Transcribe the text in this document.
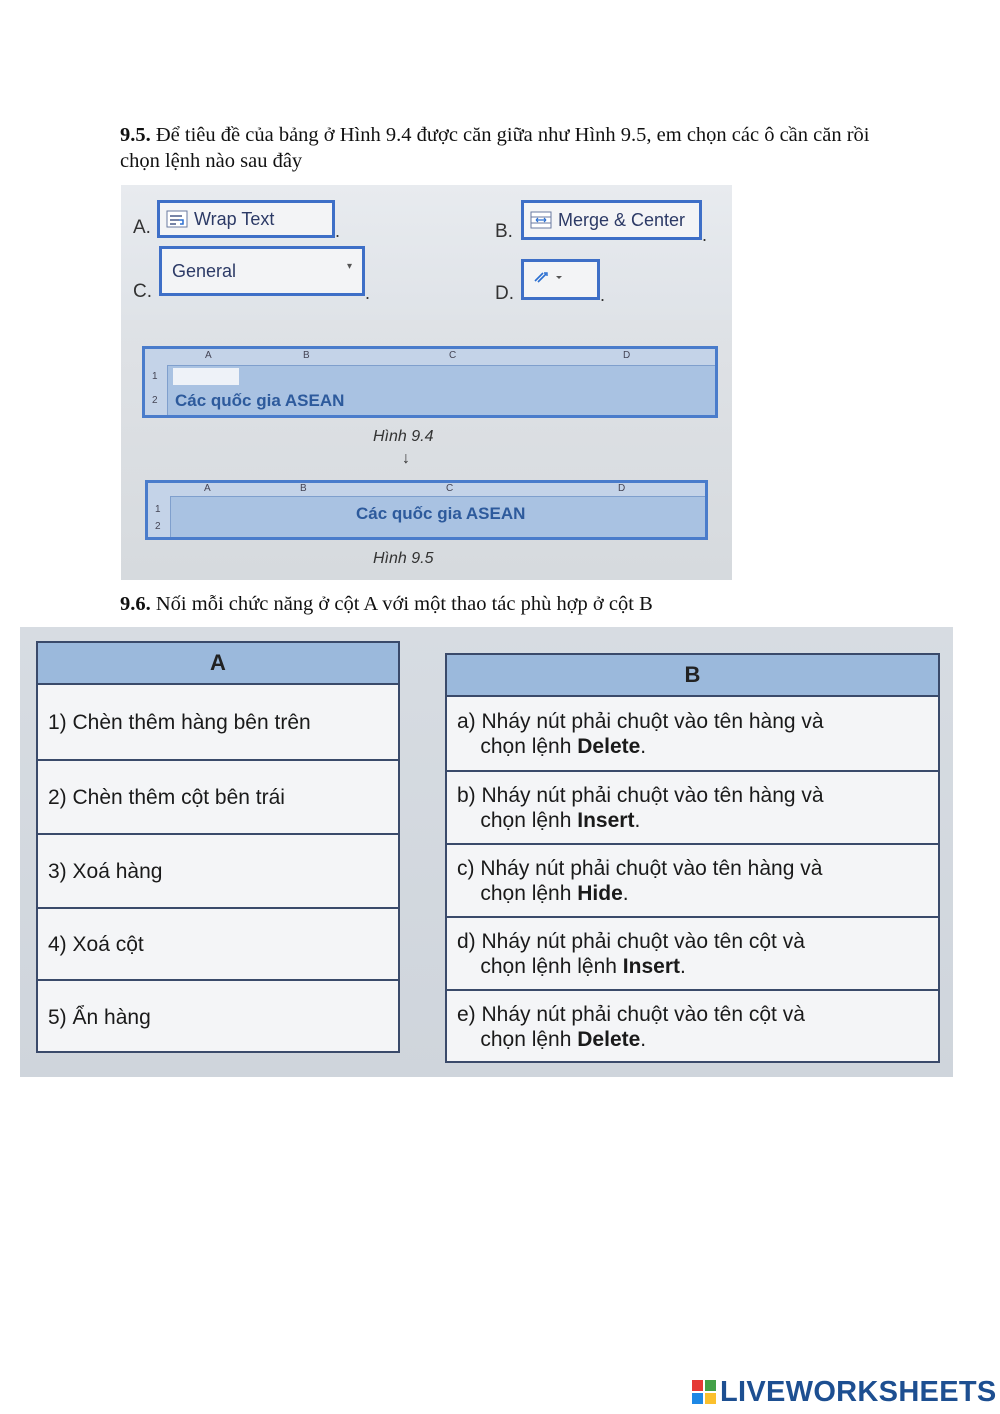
9.5. Để tiêu đề của bảng ở Hình 9.4 được căn giữa như Hình 9.5, em chọn các ô cần căn rồi chọn lệnh nào sau đây
A. Wrap Text
.	B.
Merge & Center
.
C.
General	▾
.	D.	.
A	B	C	D
1
2 Các quốc gia ASEAN
Hình 9.4
↓
A	B	C	D
1
2
Các quốc gia ASEAN
Hình 9.5
9.6. Nối mỗi chức năng ở cột A với một thao tác phù hợp ở cột B
A
1) Chèn thêm hàng bên trên
2) Chèn thêm cột bên trái
3) Xoá hàng
4) Xoá cột
5) Ẩn hàng
B
a) Nháy nút phải chuột vào tên hàng và
chọn lệnh Delete.
b) Nháy nút phải chuột vào tên hàng và
chọn lệnh Insert.
c) Nháy nút phải chuột vào tên hàng và
chọn lệnh Hide.
d) Nháy nút phải chuột vào tên cột và
chọn lệnh lệnh Insert.
e) Nháy nút phải chuột vào tên cột và
chọn lệnh Delete.
LIVEWORKSHEETS
